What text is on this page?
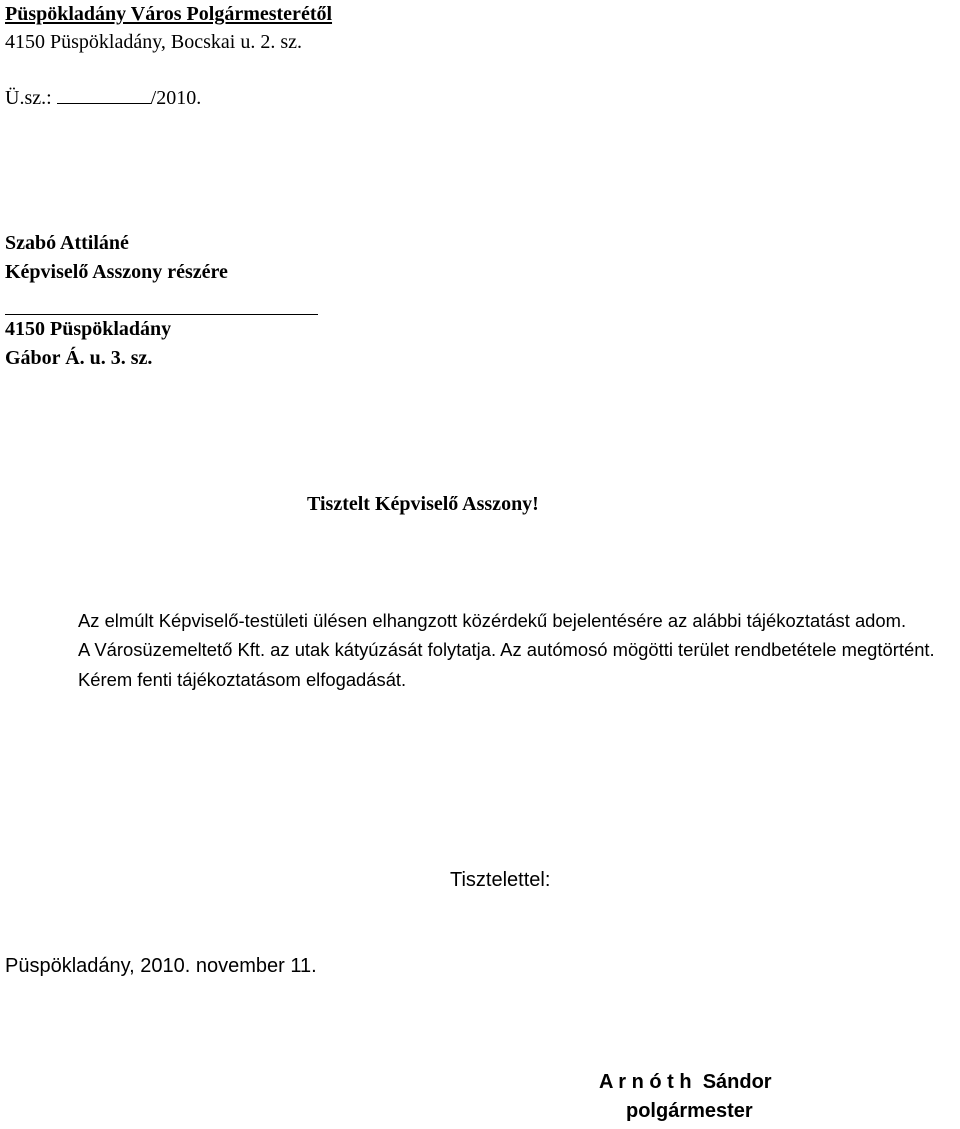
Püspökladány Város Polgármesterétől
4150 Püspökladány, Bocskai u. 2. sz.
Ü.sz.:	/2010.
Szabó Attiláné
Képviselő Asszony részére
4150 Püspökladány
Gábor Á. u. 3. sz.
Tisztelt Képviselő Asszony!

Az elmúlt Képviselő-testületi ülésen elhangzott közérdekű bejelentésére az alábbi tájékoztatást adom.

A Városüzemeltető Kft. az utak kátyúzását folytatja. Az autómosó mögötti terület rendbetétele megtörtént.

Kérem fenti tájékoztatásom elfogadását.

Tisztelettel:
Püspökladány, 2010. november 11.
A r n ó t h  Sándor
polgármester
